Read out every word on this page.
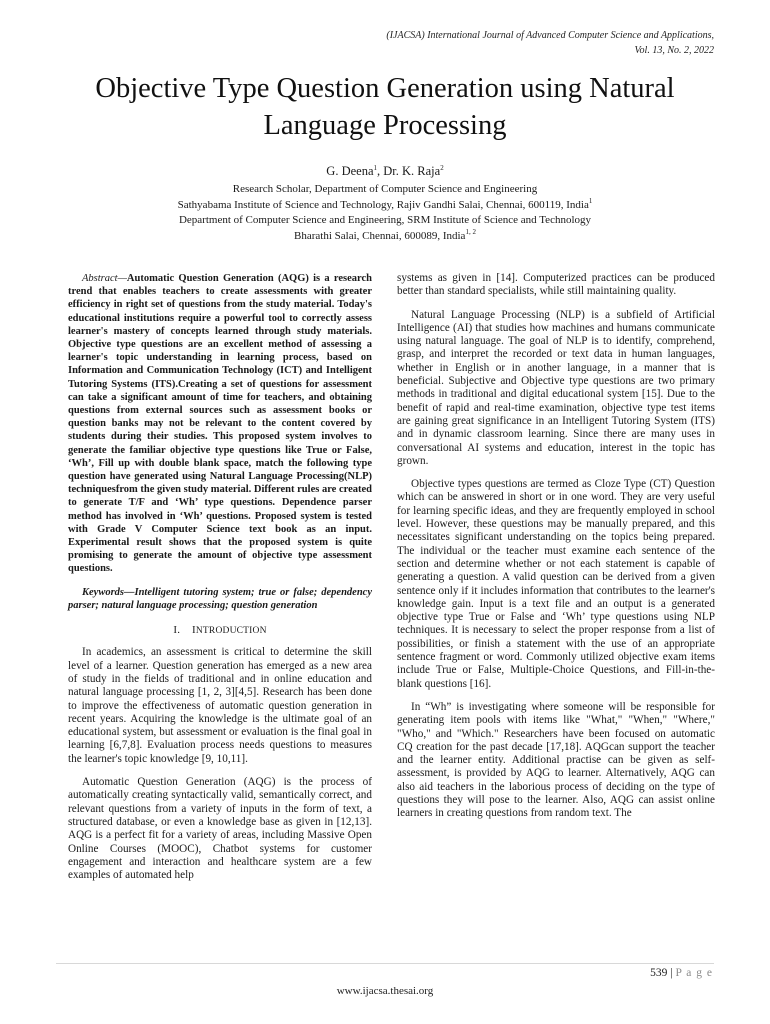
(IJACSA) International Journal of Advanced Computer Science and Applications,
Vol. 13, No. 2, 2022
Objective Type Question Generation using Natural
Language Processing
G. Deena$^1$, Dr. K. Raja$^2$
Research Scholar, Department of Computer Science and Engineering
Sathyabama Institute of Science and Technology, Rajiv Gandhi Salai, Chennai, 600119, India$^1$
Department of Computer Science and Engineering, SRM Institute of Science and Technology
Bharathi Salai, Chennai, 600089, India$^{1, 2}$

Abstract—Automatic Question Generation (AQG) is a research trend that enables teachers to create assessments with greater efficiency in right set of questions from the study material. Today's educational institutions require a powerful tool to correctly assess learner's mastery of concepts learned through study materials. Objective type questions are an excellent method of assessing a learner's topic understanding in learning process, based on Information and Communication Technology (ICT) and Intelligent Tutoring Systems (ITS).Creating a set of questions for assessment can take a significant amount of time for teachers, and obtaining questions from external sources such as assessment books or question banks may not be relevant to the content covered by students during their studies. This proposed system involves to generate the familiar objective type questions like True or False, ‘Wh’, Fill up with double blank space, match the following type question have generated using Natural Language Processing(NLP) techniquesfrom the given study material. Different rules are created to generate T/F and ‘Wh’ type questions. Dependence parser method has involved in ‘Wh’ questions. Proposed system is tested with Grade V Computer Science text book as an input. Experimental result shows that the proposed system is quite promising to generate the amount of objective type assessment questions.

Keywords—Intelligent tutoring system; true or false; dependency parser; natural language processing; question generation

I. INTRODUCTION

In academics, an assessment is critical to determine the skill level of a learner. Question generation has emerged as a new area of study in the fields of traditional and in online education and natural language processing [1, 2, 3][4,5]. Research has been done to improve the effectiveness of automatic question generation in recent years. Acquiring the knowledge is the ultimate goal of an educational system, but assessment or evaluation is the final goal in learning [6,7,8]. Evaluation process needs questions to measures the learner's topic knowledge [9, 10,11].

Automatic Question Generation (AQG) is the process of automatically creating syntactically valid, semantically correct, and relevant questions from a variety of inputs in the form of text, a structured database, or even a knowledge base as given in [12,13]. AQG is a perfect fit for a variety of areas, including Massive Open Online Courses (MOOC), Chatbot systems for customer engagement and interaction and healthcare system are a few examples of automated help

systems as given in [14]. Computerized practices can be produced better than standard specialists, while still maintaining quality.

Natural Language Processing (NLP) is a subfield of Artificial Intelligence (AI) that studies how machines and humans communicate using natural language. The goal of NLP is to identify, comprehend, grasp, and interpret the recorded or text data in human languages, whether in English or in another language, in a manner that is beneficial. Subjective and Objective type questions are two primary methods in traditional and digital educational system [15]. Due to the benefit of rapid and real-time examination, objective type test items are gaining great significance in an Intelligent Tutoring System (ITS) and in dynamic classroom learning. Since there are many uses in conversational AI systems and education, interest in the topic has grown.

Objective types questions are termed as Cloze Type (CT) Question which can be answered in short or in one word. They are very useful for learning specific ideas, and they are frequently employed in school level. However, these questions may be manually prepared, and this necessitates significant understanding on the topics being prepared. The individual or the teacher must examine each sentence of the section and determine whether or not each statement is capable of generating a question. A valid question can be derived from a given sentence only if it includes information that contributes to the learner's knowledge gain. Input is a text file and an output is a generated objective type True or False and ‘Wh’ type questions using NLP techniques. It is necessary to select the proper response from a list of possibilities, or finish a statement with the use of an appropriate sentence fragment or word. Commonly utilized objective exam items include True or False, Multiple-Choice Questions, and Fill-in-the-blank questions [16].

In “Wh” is investigating where someone will be responsible for generating item pools with items like "What," "When," "Where," "Who," and "Which." Researchers have been focused on automatic CQ creation for the past decade [17,18]. AQGcan support the teacher and the learner entity. Additional practise can be given as self-assessment, is provided by AQG to learner. Alternatively, AQG can also aid teachers in the laborious process of deciding on the type of questions they will pose to the learner. Also, AQG can assist online learners in creating questions from random text. The

539 | P a g e
www.ijacsa.thesai.org
